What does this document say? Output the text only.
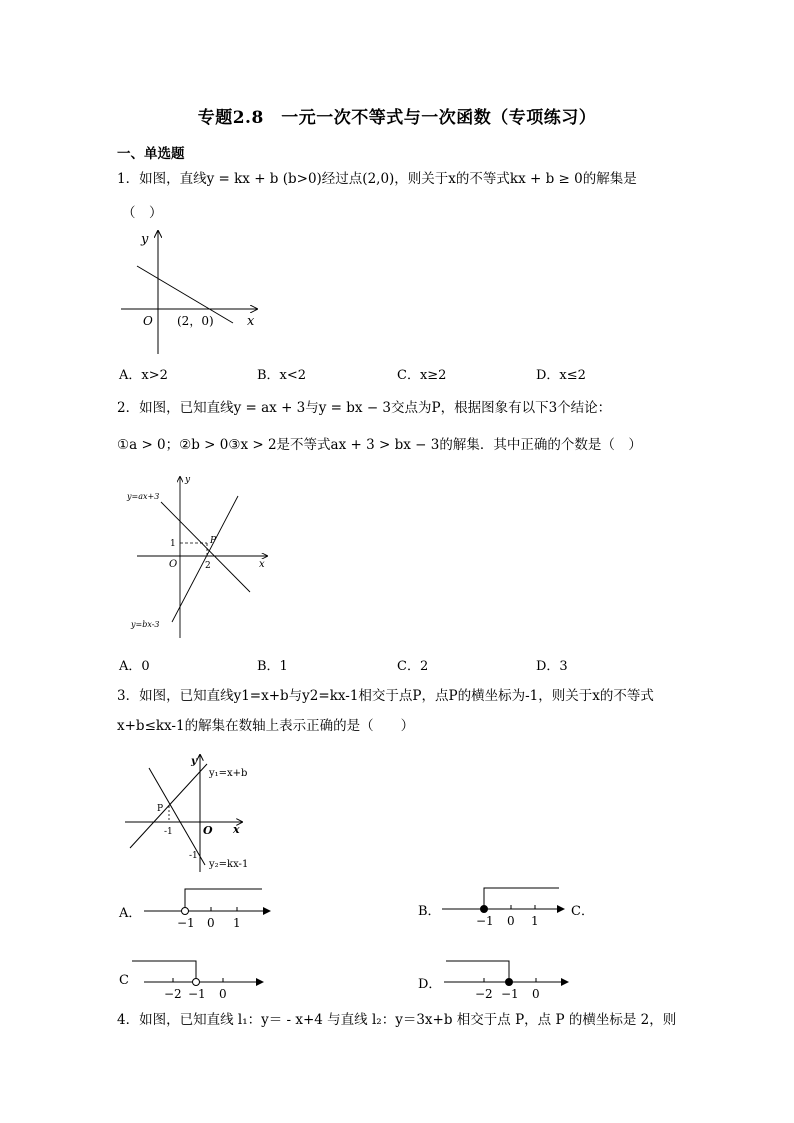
专题2.8　一元一次不等式与一次函数（专项练习）
一、单选题
1．如图，直线y = kx + b (b>0)经过点(2,0)，则关于x的不等式kx + b ≥ 0的解集是
（　）
y
x
O (2，0)
A．x>2	B．x<2	C．x≥2	D．x≤2
2．如图，已知直线y = ax + 3与y = bx − 3交点为P，根据图象有以下3个结论：
①a > 0；②b > 0③x > 2是不等式ax + 3 > bx − 3的解集．其中正确的个数是（　）
y
x
O
P
1
2
y=ax+3
y=bx-3
A．0	B．1	C．2	D．3
3．如图，已知直线y1=x+b与y2=kx-1相交于点P，点P的横坐标为-1，则关于x的不等式
x+b≤kx-1的解集在数轴上表示正确的是（　　）
y
x
O
P
-1
-1
y₁=x+b
y₂=kx-1
A．
−1 0 1
B．
−1 0 1
C．
C
−2 −1 0
D．
−2 −1 0
4．如图，已知直线 l₁：y＝ - x+4 与直线 l₂：y＝3x+b 相交于点 P，点 P 的横坐标是 2，则
